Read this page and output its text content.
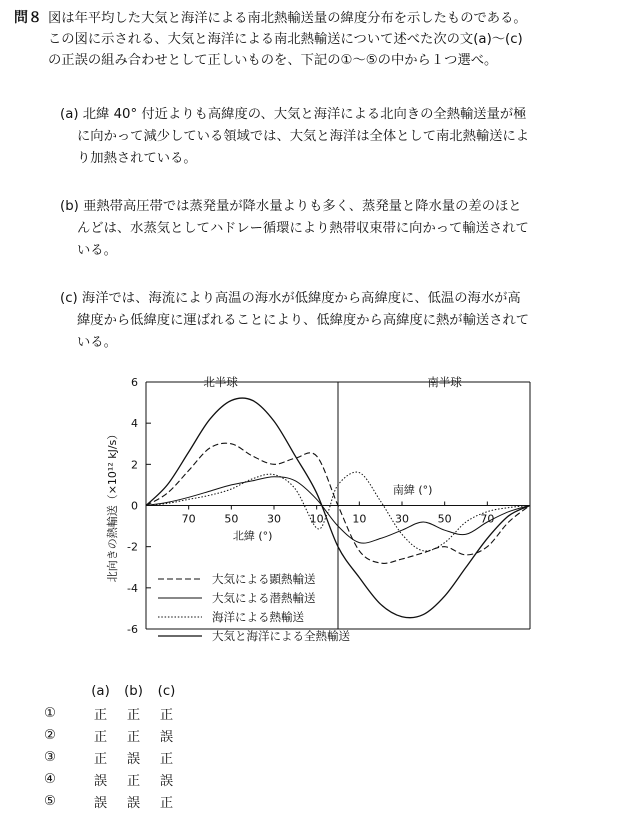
問８ 図は年平均した大気と海洋による南北熱輸送量の緯度分布を示したものである。
この図に示される、大気と海洋による南北熱輸送について述べた次の文(a)～(c)
の正誤の組み合わせとして正しいものを、下記の①～⑤の中から１つ選べ。
(a) 北緯 40° 付近よりも高緯度の、大気と海洋による北向きの全熱輸送量が極
に向かって減少している領域では、大気と海洋は全体として南北熱輸送によ
り加熱されている。
(b) 亜熱帯高圧帯では蒸発量が降水量よりも多く、蒸発量と降水量の差のほと
んどは、水蒸気としてハドレー循環により熱帯収束帯に向かって輸送されて
いる。
(c) 海洋では、海流により高温の海水が低緯度から高緯度に、低温の海水が高
緯度から低緯度に運ばれることにより、低緯度から高緯度に熱が輸送されて
いる。
6
4
2
0
-2
-4
-6
70	50	30	10	10	30	50	70
北緯 (°)
南緯 (°)
北半球	南半球
北向きの熱輸送（×10¹² kJ/s）	大気による顕熱輸送
大気による潜熱輸送
海洋による熱輸送
大気と海洋による全熱輸送
	(a)	(b)	(c)
①	正	正	正
②	正	正	誤
③	正	誤	正
④	誤	正	誤
⑤	誤	誤	正
